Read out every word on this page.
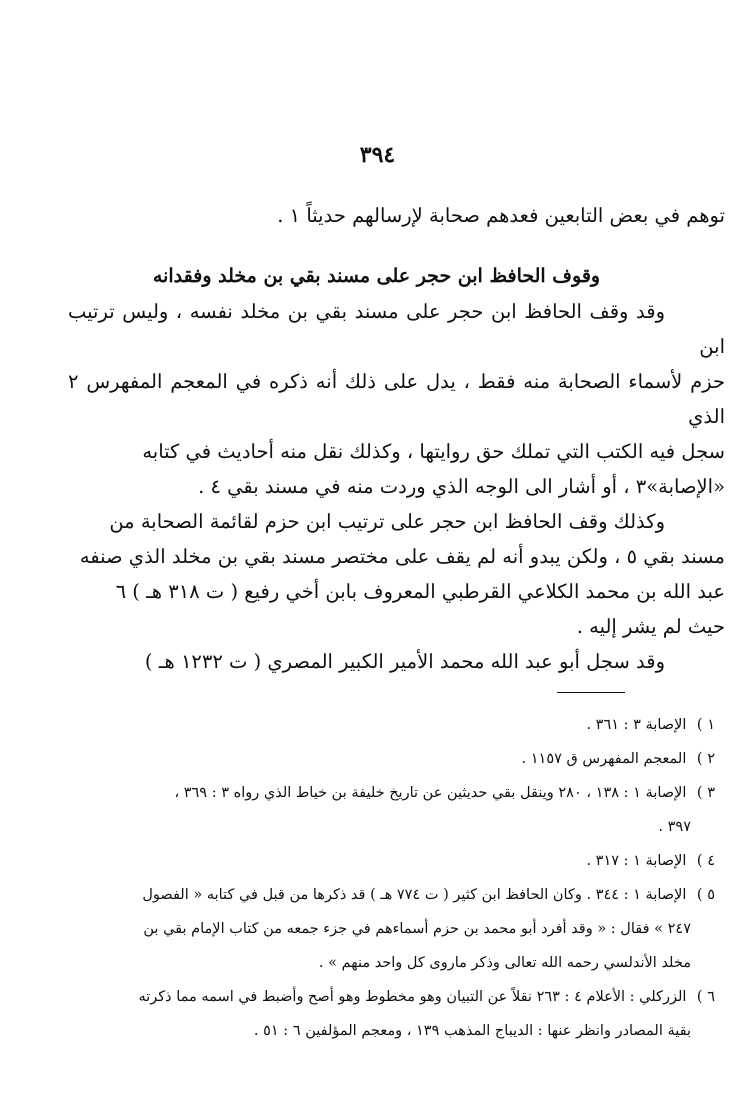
٣٩٤

توهم في بعض التابعين فعدهم صحابة لإرسالهم حديثاً ١ .

وقوف الحافظ ابن حجر على مسند بقي بن مخلد وفقدانه

وقد وقف الحافظ ابن حجر على مسند بقي بن مخلد نفسه ، وليس ترتيب ابن

حزم لأسماء الصحابة منه فقط ، يدل على ذلك أنه ذكره في المعجم المفهرس ٢ الذي

سجل فيه الكتب التي تملك حق روايتها ، وكذلك نقل منه أحاديث في كتابه

«الإصابة»٣ ، أو أشار الى الوجه الذي وردت منه في مسند بقي ٤ .

وكذلك وقف الحافظ ابن حجر على ترتيب ابن حزم لقائمة الصحابة من

مسند بقي ٥ ، ولكن يبدو أنه لم يقف على مختصر مسند بقي بن مخلد الذي صنفه

عبد الله بن محمد الكلاعي القرطبي المعروف بابن أخي رفيع ( ت ٣١٨ هـ ) ٦

حيث لم يشر إليه .

وقد سجل أبو عبد الله محمد الأمير الكبير المصري ( ت ١٢٣٢ هـ )

١ ) الإصابة ٣ : ٣٦١ .
٢ ) المعجم المفهرس ق ١١٥٧ .
٣ ) الإصابة ١ : ١٣٨ ، ٢٨٠ وينقل بقي حديثين عن تاريخ خليفة بن خياط الذي رواه ٣ : ٣٦٩ ،
٣٩٧ .
٤ ) الإصابة ١ : ٣١٧ .
٥ ) الإصابة ١ : ٣٤٤ . وكان الحافظ ابن كثير ( ت ٧٧٤ هـ ) قد ذكرها من قبل في كتابه « الفصول
٢٤٧ » فقال : « وقد أفرد أبو محمد بن حزم أسماءهم في جزء جمعه من كتاب الإمام بقي بن
مخلد الأندلسي رحمه الله تعالى وذكر ماروى كل واحد منهم » .
٦ ) الزركلي : الأعلام ٤ : ٢٦٣ نقلاً عن التبيان وهو مخطوط وهو أصح وأضبط في اسمه مما ذكرته
بقية المصادر وانظر عنها : الديباج المذهب ١٣٩ ، ومعجم المؤلفين ٦ : ٥١ .
